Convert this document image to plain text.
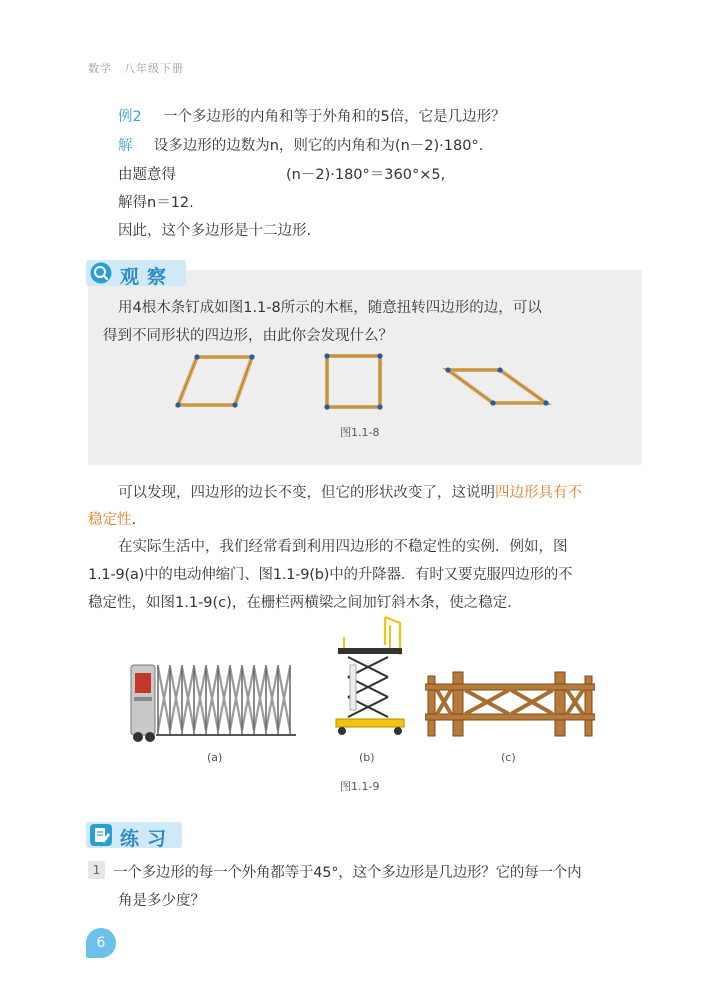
数学　八年级下册
例2 一个多边形的内角和等于外角和的5倍，它是几边形？
解 设多边形的边数为n，则它的内角和为(n－2)·180°.
由题意得	(n－2)·180°＝360°×5,
解得n＝12.
因此，这个多边形是十二边形.
观察
用4根木条钉成如图1.1-8所示的木框，随意扭转四边形的边，可以
得到不同形状的四边形，由此你会发现什么？
图1.1-8
可以发现，四边形的边长不变，但它的形状改变了，这说明四边形具有不
稳定性.
在实际生活中，我们经常看到利用四边形的不稳定性的实例．例如，图
1.1-9(a)中的电动伸缩门、图1.1-9(b)中的升降器．有时又要克服四边形的不
稳定性，如图1.1-9(c)，在栅栏两横梁之间加钉斜木条，使之稳定．
(a)	(b)	(c)
图1.1-9
练习
1 一个多边形的每一个外角都等于45°，这个多边形是几边形？它的每一个内
角是多少度？
6
